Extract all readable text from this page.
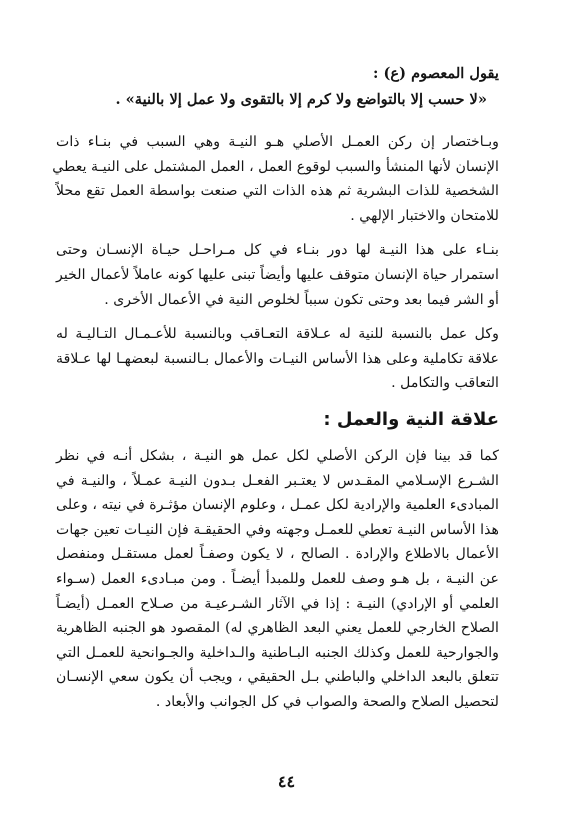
يقول المعصوم (ع) :

«لا حسب إلا بالتواضع ولا كرم إلا بالتقوى ولا عمل إلا بالنية» .

وبـاختصار إن ركن العمـل الأصلي هـو النيـة وهي السبب في بنـاء ذات
الإنسان لأنها المنشأ والسبب لوقوع العمل ، العمل المشتمل على النيـة يعطي
الشخصية للذات البشرية ثم هذه الذات التي صنعت بواسطة العمل تقع محلاً
للامتحان والاختبار الإلهي .
بنـاء على هذا النيـة لها دور بنـاء في كل مـراحـل حيـاة الإنسـان وحتى
استمرار حياة الإنسان متوقف عليها وأيضاً تبنى عليها كونه عاملاً لأعمال الخير
أو الشر فيما بعد وحتى تكون سبباً لخلوص النية في الأعمال الأخرى .
وكل عمل بالنسبة للنية له عـلاقة التعـاقب وبالنسبة للأعـمـال التـاليـة له
علاقة تكاملية وعلى هذا الأساس النيـات والأعمال بـالنسبة لبعضهـا لها عـلاقة
التعاقب والتكامل .
علاقة النية والعمل :
كما قد بينا فإن الركن الأصلي لكل عمل هو النيـة ، بشكل أنـه في نظر
الشـرع الإسـلامي المقـدس لا يعتـبر الفعـل بـدون النيـة عمـلاً ، والنيـة في
المبادىء العلمية والإرادية لكل عمـل ، وعلوم الإنسان مؤثـرة في نيته ، وعلى
هذا الأساس النيـة تعطي للعمـل وجهته وفي الحقيقـة فإن النيـات تعين جهات
الأعمال بالاطلاع والإرادة . الصالح ، لا يكون وصفـاً لعمل مستقـل ومنفصل
عن النيـة ، بل هـو وصف للعمل وللمبدأ أيضـاً . ومن مبـادىء العمل (سـواء
العلمي أو الإرادي) النيـة : إذا في الآثار الشـرعيـة من صـلاح العمـل (أيضـاً
الصلاح الخارجي للعمل يعني البعد الظاهري له) المقصود هو الجنبه الظاهرية
والجوارحية للعمل وكذلك الجنبه البـاطنية والـداخلية والجـوانحية للعمـل التي
تتعلق بالبعد الداخلي والباطني بـل الحقيقي ، ويجب أن يكون سعي الإنسـان
لتحصيل الصلاح والصحة والصواب في كل الجوانب والأبعاد .
٤٤
